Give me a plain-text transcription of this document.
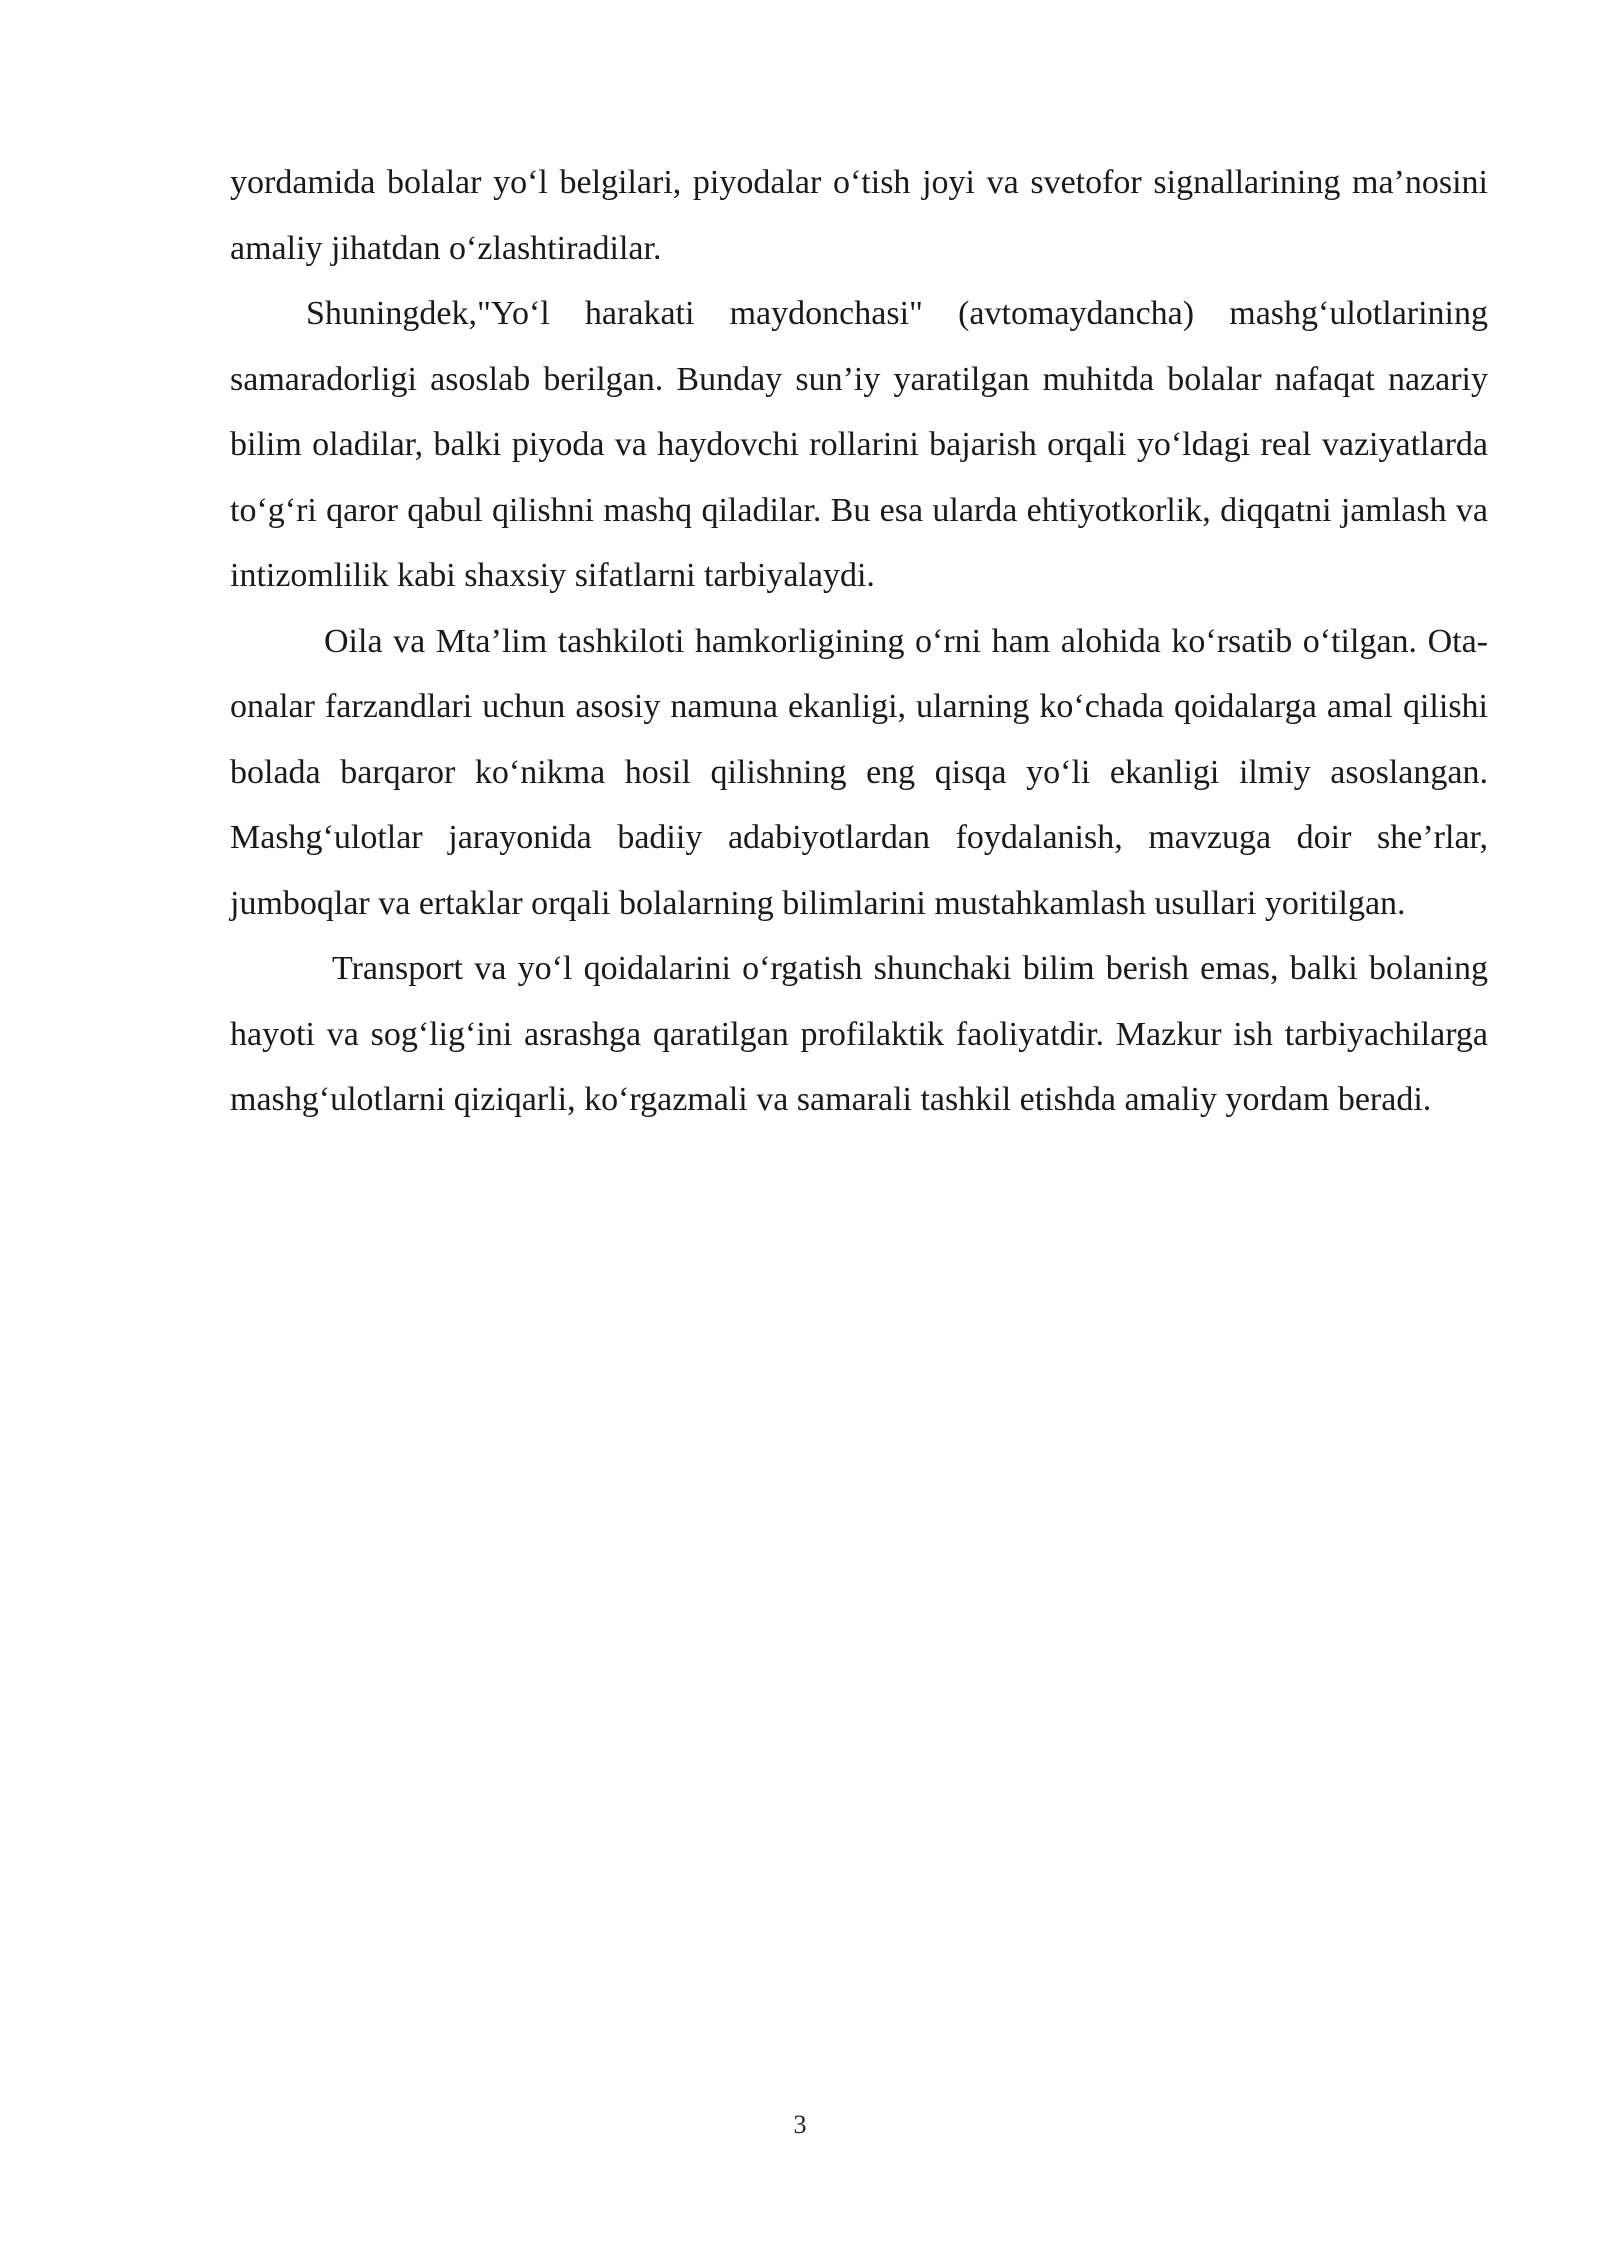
yordamida bolalar yo‘l belgilari, piyodalar o‘tish joyi va svetofor signallarining ma’nosini amaliy jihatdan o‘zlashtiradilar.

Shuningdek,"Yo‘l harakati maydonchasi" (avtomaydancha) mashg‘ulotlarining samaradorligi asoslab berilgan. Bunday sun’iy yaratilgan muhitda bolalar nafaqat nazariy bilim oladilar, balki piyoda va haydovchi rollarini bajarish orqali yo‘ldagi real vaziyatlarda to‘g‘ri qaror qabul qilishni mashq qiladilar. Bu esa ularda ehtiyotkorlik, diqqatni jamlash va intizomlilik kabi shaxsiy sifatlarni tarbiyalaydi.

Oila va Mta’lim tashkiloti hamkorligining o‘rni ham alohida ko‘rsatib o‘tilgan. Ota-onalar farzandlari uchun asosiy namuna ekanligi, ularning ko‘chada qoidalarga amal qilishi bolada barqaror ko‘nikma hosil qilishning eng qisqa yo‘li ekanligi ilmiy asoslangan. Mashg‘ulotlar jarayonida badiiy adabiyotlardan foydalanish, mavzuga doir she’rlar, jumboqlar va ertaklar orqali bolalarning bilimlarini mustahkamlash usullari yoritilgan.

Transport va yo‘l qoidalarini o‘rgatish shunchaki bilim berish emas, balki bolaning hayoti va sog‘lig‘ini asrashga qaratilgan profilaktik faoliyatdir. Mazkur ish tarbiyachilarga mashg‘ulotlarni qiziqarli, ko‘rgazmali va samarali tashkil etishda amaliy yordam beradi.

3
